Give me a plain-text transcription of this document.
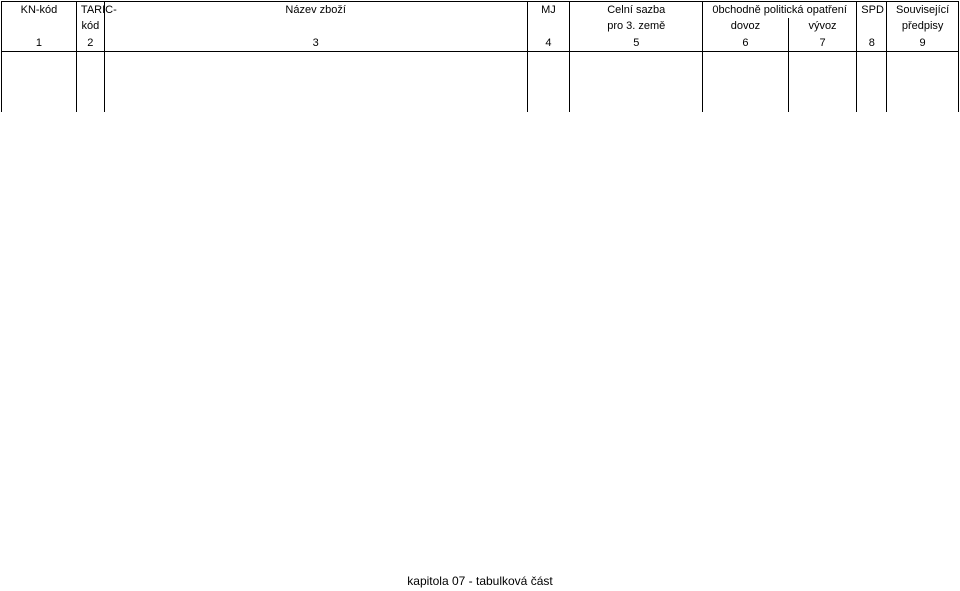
KN-kód	TARIC-	Název zboží	MJ	Celní sazba	0bchodně politická opatření		SPD	Související
	kód			pro 3. země	dovoz	vývoz		předpisy
1	2	3	4	5	6	7	8	9

kapitola 07 - tabulková část
